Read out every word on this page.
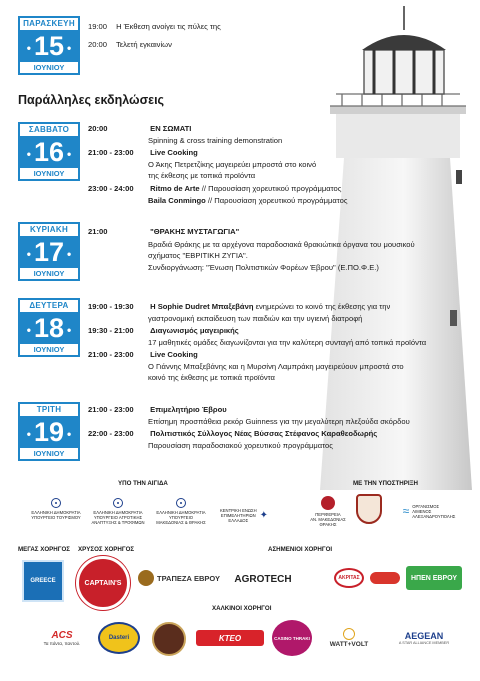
ΠΑΡΑΣΚΕΥΗ
• 15 •
ΙΟΥΝΙΟΥ
19:00 Η Έκθεση ανοίγει τις πύλες της
20:00 Τελετή εγκαινίων
Παράλληλες εκδηλώσεις
ΣΑΒΒΑΤΟ
• 16 •
ΙΟΥΝΙΟΥ
20:00	ΕΝ ΣΩΜΑΤΙ
Spinning & cross training demonstration
21:00 - 23:00 Live Cooking
Ο Άκης Πετρετζίκης μαγειρεύει μπροστά στο κοινό
της έκθεσης με τοπικά προϊόντα
23:00 - 24:00 Ritmo de Arte // Παρουσίαση χορευτικού προγράμματος
Baila Conmingo // Παρουσίαση χορευτικού προγράμματος
ΚΥΡΙΑΚΗ
• 17 •
ΙΟΥΝΙΟΥ
21:00	"ΘΡΑΚΗΣ ΜΥΣΤΑΓΩΓΙΑ"
Βραδιά Θράκης με τα αρχέγονα παραδοσιακά θρακιώτικα όργανα του μουσικού
σχήματος "ΕΒΡΙΤΙΚΗ ΖΥΓΙΑ".
Συνδιοργάνωση: "Ένωση Πολιτιστικών Φορέων Έβρου" (Ε.ΠΟ.Φ.Ε.)
ΔΕΥΤΕΡΑ
• 18 •
ΙΟΥΝΙΟΥ
19:00 - 19:30 Η Sophie Dudret Μπαξεβάνη ενημερώνει το κοινό της έκθεσης για την
γαστρονομική εκπαίδευση των παιδιών και την υγιεινή διατροφή
19:30 - 21:00 Διαγωνισμός μαγειρικής
17 μαθητικές ομάδες διαγωνίζονται για την καλύτερη συνταγή από τοπικά προϊόντα
21:00 - 23:00 Live Cooking
Ο Γιάννης Μπαξεβάνης και η Μυρσίνη Λαμπράκη μαγειρεύουν μπροστά στο
κοινό της έκθεσης με τοπικά προϊόντα
ΤΡΙΤΗ
• 19 •
ΙΟΥΝΙΟΥ
21:00 - 23:00 Επιμελητήριο Έβρου
Επίσημη προσπάθεια ρεκόρ Guinness για την μεγαλύτερη πλεξούδα σκόρδου
22:00 - 23:00 Πολιτιστικός Σύλλογος Νέας Βύσσας Στέφανος Καραθεοδωρής
Παρουσίαση παραδοσιακού χορευτικού προγράμματος
ΥΠΟ ΤΗΝ ΑΙΓΙΔΑ	ΜΕ ΤΗΝ ΥΠΟΣΤΗΡΙΞΗ
ΕΛΛΗΝΙΚΗ ΔΗΜΟΚΡΑΤΙΑ
ΥΠΟΥΡΓΕΙΟ ΤΟΥΡΙΣΜΟΥ
ΕΛΛΗΝΙΚΗ ΔΗΜΟΚΡΑΤΙΑ
ΥΠΟΥΡΓΕΙΟ ΑΓΡΟΤΙΚΗΣ
ΑΝΑΠΤΥΞΗΣ & ΤΡΟΦΙΜΩΝ
ΕΛΛΗΝΙΚΗ ΔΗΜΟΚΡΑΤΙΑ
ΥΠΟΥΡΓΕΙΟ
ΜΑΚΕΔΟΝΙΑΣ & ΘΡΑΚΗΣ
ΚΕΝΤΡΙΚΗ ΕΝΩΣΗ
ΕΠΙΜΕΛΗΤΗΡΙΩΝ
ΕΛΛΑΔΟΣ	✦	ΠΕΡΙΦΕΡΕΙΑ
ΑΝ. ΜΑΚΕΔΟΝΙΑΣ ΘΡΑΚΗΣ
≈ ΟΡΓΑΝΙΣΜΟΣ
ΛΙΜΕΝΟΣ
ΑΛΕΞΑΝΔΡΟΥΠΟΛΗΣ
ΜΕΓΑΣ ΧΟΡΗΓΟΣ ΧΡΥΣΟΣ ΧΟΡΗΓΟΣ	ΑΣΗΜΕΝΙΟΙ ΧΟΡΗΓΟΙ
GREECE	CAPTAIN'S
ΤΡΑΠΕΖΑ ΕΒΡΟΥ AGROTECH	ΑΚΡΙΤΑΣ	ΗΠΕΝ ΕΒΡΟΥ
ΧΑΛΚΙΝΟΙ ΧΟΡΗΓΟΙ
ACS
Τα πάντα, παντού.
Dasteri	ΚΤΕΟ	CASINO THRAKI
WATT+VOLT
AEGEAN
A STAR ALLIANCE MEMBER
